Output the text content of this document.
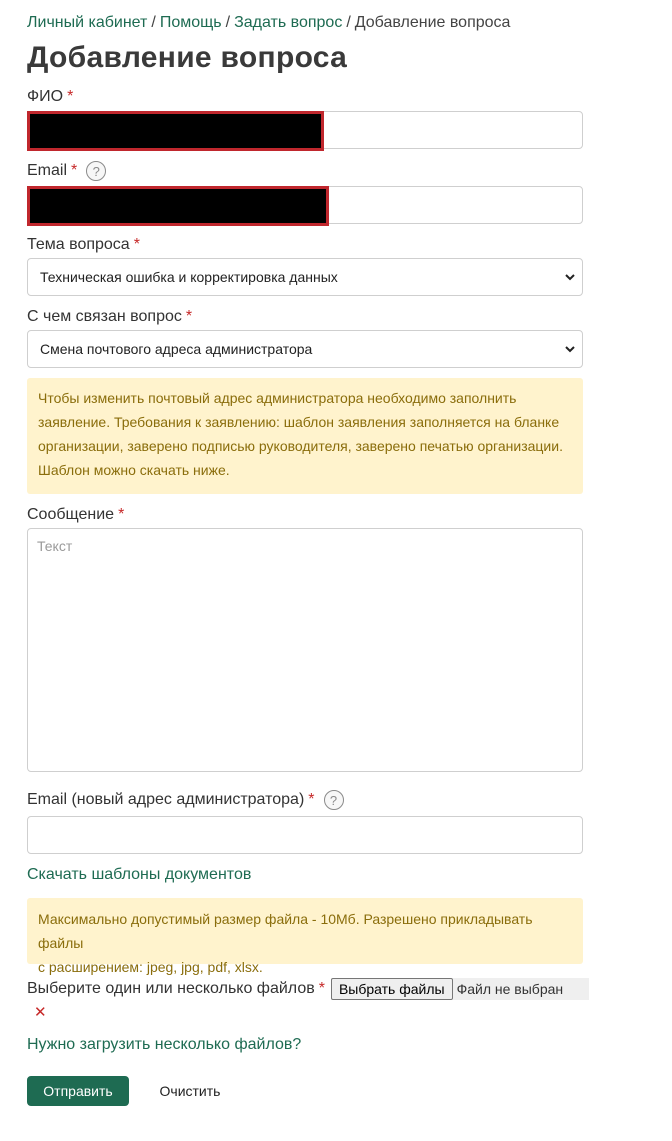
Личный кабинет / Помощь / Задать вопрос / Добавление вопроса
Добавление вопроса
ФИО *
Email *	?
Тема вопроса *
Техническая ошибка и корректировка данных
С чем связан вопрос *
Смена почтового адреса администратора
Чтобы изменить почтовый адрес администратора необходимо заполнить
заявление. Требования к заявлению: шаблон заявления заполняется на бланке
организации, заверено подписью руководителя, заверено печатью организации.
Шаблон можно скачать ниже.
Сообщение *
Текст
Email (новый адрес администратора) *	?
Скачать шаблоны документов
Максимально допустимый размер файла - 10Мб. Разрешено прикладывать файлы
с расширением: jpeg, jpg, pdf, xlsx.
Выберите один или несколько файлов *	Выбрать файлы Файл не выбран
✕
Нужно загрузить несколько файлов?
Отправить	Очистить
